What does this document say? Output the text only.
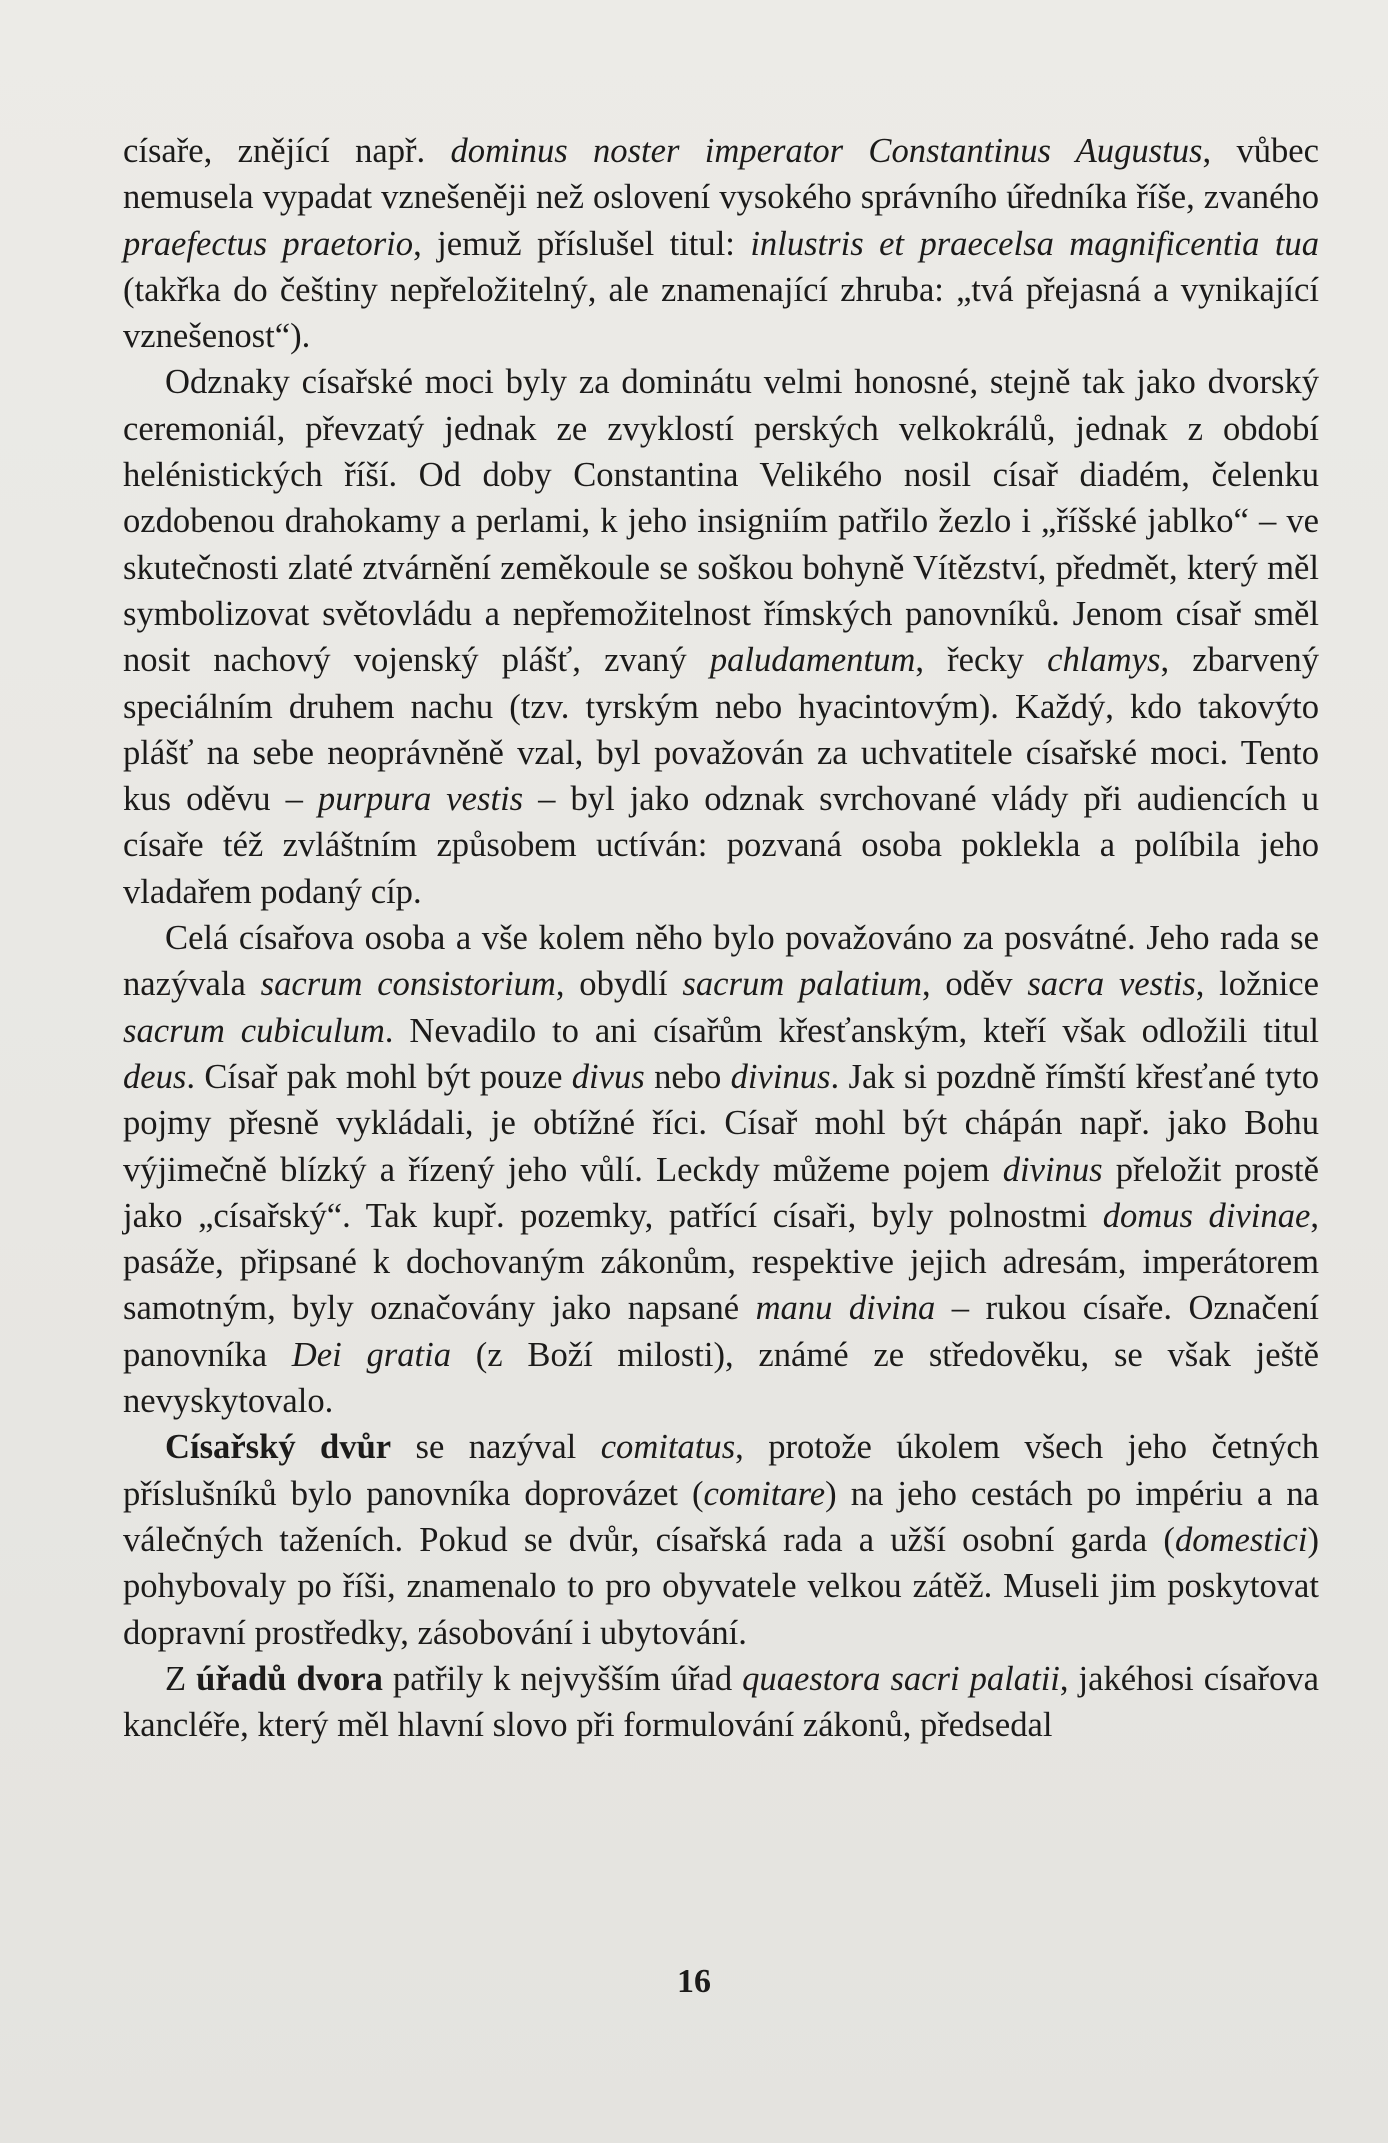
císaře, znějící např. dominus noster imperator Constantinus Augustus, vůbec nemusela vypadat vznešeněji než oslovení vysokého správního úředníka říše, zvaného praefectus praetorio, jemuž příslušel titul: inlustris et praecelsa magnificentia tua (takřka do češtiny nepřeložitelný, ale znamenající zhruba: „tvá přejasná a vynikající vznešenost“).

Odznaky císařské moci byly za dominátu velmi honosné, stejně tak jako dvorský ceremoniál, převzatý jednak ze zvyklostí perských velkokrálů, jednak z období helénistických říší. Od doby Constantina Velikého nosil císař diadém, čelenku ozdobenou drahokamy a perlami, k jeho insigniím patřilo žezlo i „říšské jablko“ – ve skutečnosti zlaté ztvárnění zeměkoule se soškou bohyně Vítězství, předmět, který měl symbolizovat světovládu a nepřemožitelnost římských panovníků. Jenom císař směl nosit nachový vojenský plášť, zvaný paludamentum, řecky chlamys, zbarvený speciálním druhem nachu (tzv. tyrským nebo hyacintovým). Každý, kdo takovýto plášť na sebe neoprávněně vzal, byl považován za uchvatitele císařské moci. Tento kus oděvu – purpura vestis – byl jako odznak svrchované vlády při audiencích u císaře též zvláštním způsobem uctíván: pozvaná osoba poklekla a políbila jeho vladařem podaný cíp.

Celá císařova osoba a vše kolem něho bylo považováno za posvátné. Jeho rada se nazývala sacrum consistorium, obydlí sacrum palatium, oděv sacra vestis, ložnice sacrum cubiculum. Nevadilo to ani císařům křesťanským, kteří však odložili titul deus. Císař pak mohl být pouze divus nebo divinus. Jak si pozdně římští křesťané tyto pojmy přesně vykládali, je obtížné říci. Císař mohl být chápán např. jako Bohu výjimečně blízký a řízený jeho vůlí. Leckdy můžeme pojem divinus přeložit prostě jako „císařský“. Tak kupř. pozemky, patřící císaři, byly polnostmi domus divinae, pasáže, připsané k dochovaným zákonům, respektive jejich adresám, imperátorem samotným, byly označovány jako napsané manu divina – rukou císaře. Označení panovníka Dei gratia (z Boží milosti), známé ze středověku, se však ještě nevyskytovalo.

Císařský dvůr se nazýval comitatus, protože úkolem všech jeho četných příslušníků bylo panovníka doprovázet (comitare) na jeho cestách po impériu a na válečných taženích. Pokud se dvůr, císařská rada a užší osobní garda (domestici) pohybovaly po říši, znamenalo to pro obyvatele velkou zátěž. Museli jim poskytovat dopravní prostředky, zásobování i ubytování.

Z úřadů dvora patřily k nejvyšším úřad quaestora sacri palatii, jakéhosi císařova kancléře, který měl hlavní slovo při formulování zákonů, předsedal

16
